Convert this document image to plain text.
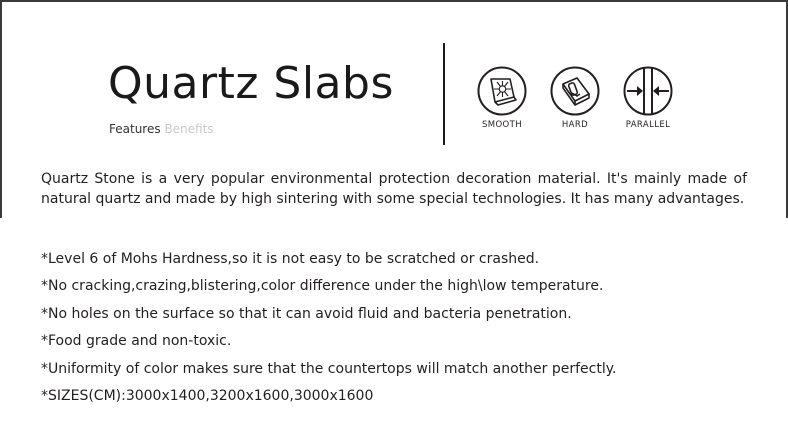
Quartz Slabs
Features Benefits	SMOOTH	HARD	PARALLEL

Quartz Stone is a very popular environmental protection decoration material. It's mainly made of natural quartz and made by high sintering with some special technologies. It has many advantages.

*Level 6 of Mohs Hardness,so it is not easy to be scratched or crashed.
*No cracking,crazing,blistering,color difference under the high\low temperature.
*No holes on the surface so that it can avoid fluid and bacteria penetration.
*Food grade and non-toxic.
*Uniformity of color makes sure that the countertops will match another perfectly.
*SIZES(CM):3000x1400,3200x1600,3000x1600
